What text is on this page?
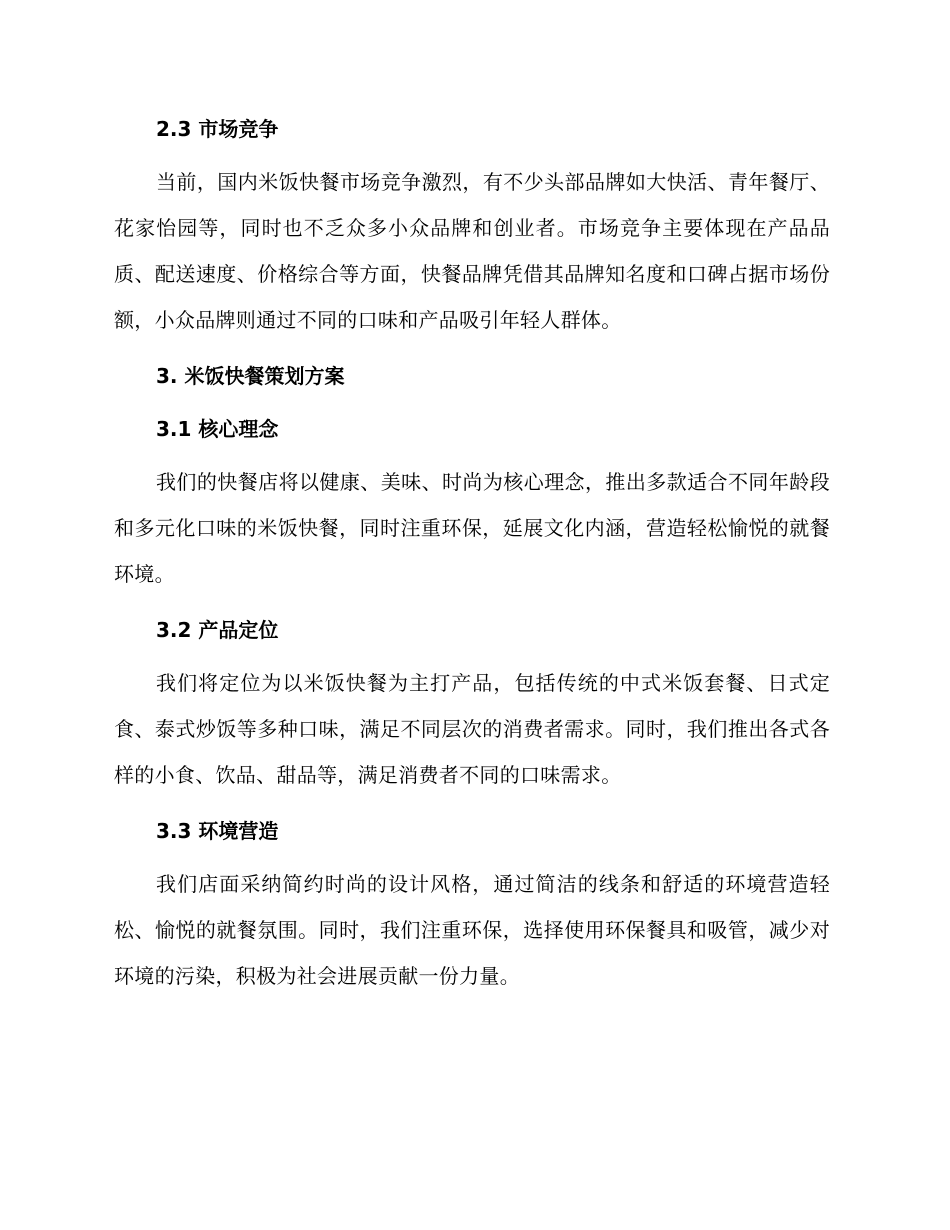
2.3 市场竞争
当前，国内米饭快餐市场竞争激烈，有不少头部品牌如大快活、青年餐厅、花家怡园等，同时也不乏众多小众品牌和创业者。市场竞争主要体现在产品品质、配送速度、价格综合等方面，快餐品牌凭借其品牌知名度和口碑占据市场份额，小众品牌则通过不同的口味和产品吸引年轻人群体。
3. 米饭快餐策划方案
3.1 核心理念
我们的快餐店将以健康、美味、时尚为核心理念，推出多款适合不同年龄段和多元化口味的米饭快餐，同时注重环保，延展文化内涵，营造轻松愉悦的就餐环境。
3.2 产品定位
我们将定位为以米饭快餐为主打产品，包括传统的中式米饭套餐、日式定食、泰式炒饭等多种口味，满足不同层次的消费者需求。同时，我们推出各式各样的小食、饮品、甜品等，满足消费者不同的口味需求。
3.3 环境营造
我们店面采纳简约时尚的设计风格，通过简洁的线条和舒适的环境营造轻松、愉悦的就餐氛围。同时，我们注重环保，选择使用环保餐具和吸管，减少对环境的污染，积极为社会进展贡献一份力量。
